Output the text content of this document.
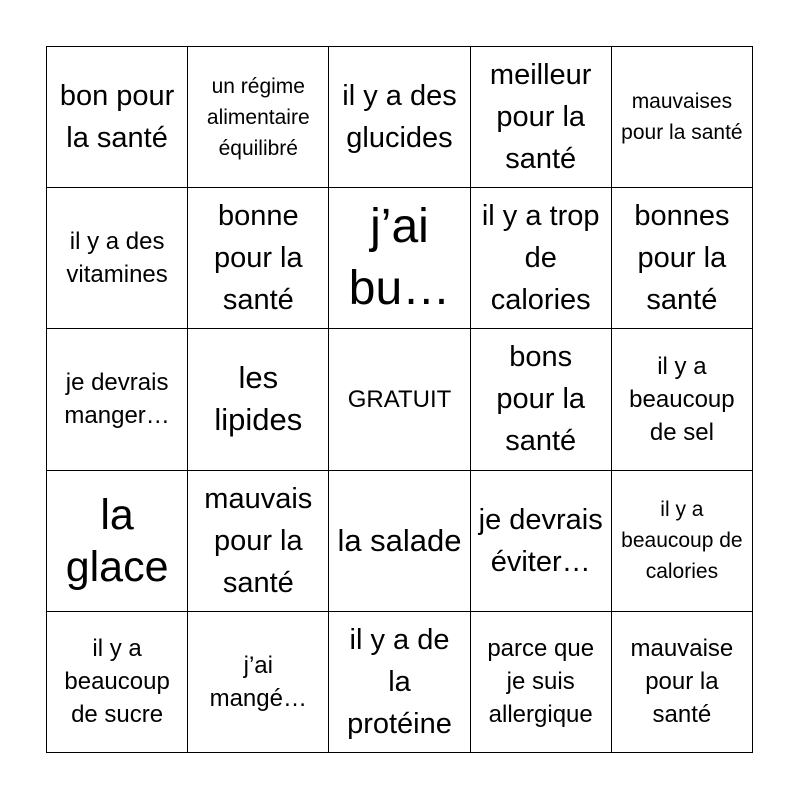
bon pour la santé
un régime alimentaire équilibré
il y a des glucides
meilleur pour la santé
mauvaises pour la santé
il y a des vitamines
bonne pour la santé
j’ai bu…
il y a trop de calories
bonnes pour la santé
je devrais manger…
les lipides
GRATUIT
bons pour la santé
il y a beaucoup de sel
la glace
mauvais pour la santé
la salade
je devrais éviter…
il y a beaucoup de calories
il y a beaucoup de sucre
j’ai mangé…
il y a de la protéine
parce que je suis allergique
mauvaise pour la santé
